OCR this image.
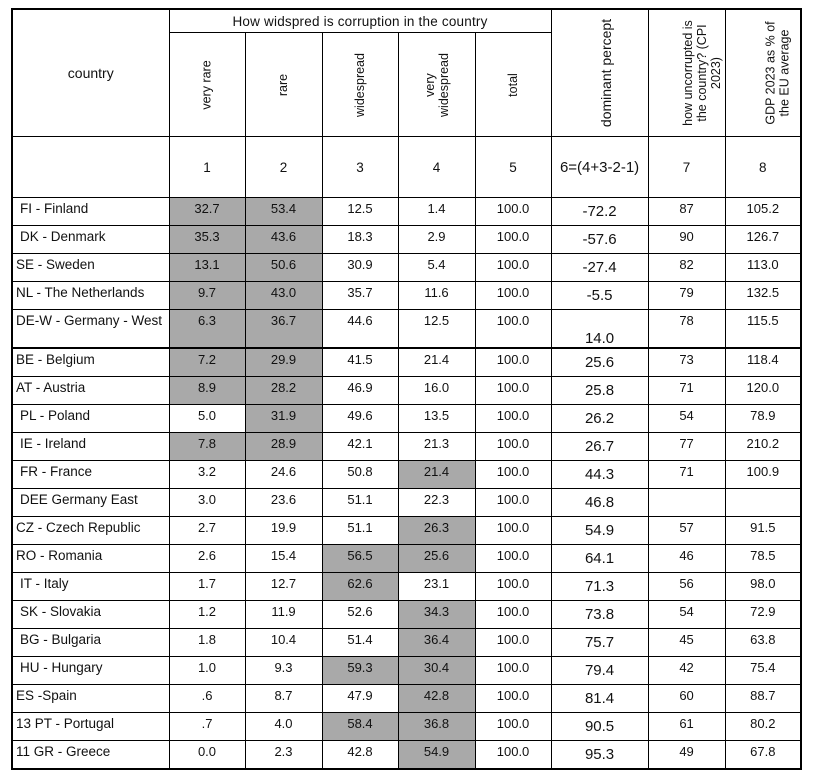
country	How widspred is corruption in the country					dominant percept	how uncorrupted is
the country? (CPI
2023)	GDP 2023 as % of
the EU average
	very rare	rare	widespread	very
widespread	total			
	1	2	3	4	5	6=(4+3-2-1)	7	8
FI - Finland	32.7	53.4	12.5	1.4	100.0	-72.2	87	105.2
DK - Denmark	35.3	43.6	18.3	2.9	100.0	-57.6	90	126.7
SE - Sweden	13.1	50.6	30.9	5.4	100.0	-27.4	82	113.0
NL - The Netherlands	9.7	43.0	35.7	11.6	100.0	-5.5	79	132.5
DE-W - Germany - West	6.3	36.7	44.6	12.5	100.0	14.0	78	115.5
BE - Belgium	7.2	29.9	41.5	21.4	100.0	25.6	73	118.4
AT - Austria	8.9	28.2	46.9	16.0	100.0	25.8	71	120.0
PL - Poland	5.0	31.9	49.6	13.5	100.0	26.2	54	78.9
IE - Ireland	7.8	28.9	42.1	21.3	100.0	26.7	77	210.2
FR - France	3.2	24.6	50.8	21.4	100.0	44.3	71	100.9
DEE Germany East	3.0	23.6	51.1	22.3	100.0	46.8		
CZ - Czech Republic	2.7	19.9	51.1	26.3	100.0	54.9	57	91.5
RO - Romania	2.6	15.4	56.5	25.6	100.0	64.1	46	78.5
IT - Italy	1.7	12.7	62.6	23.1	100.0	71.3	56	98.0
SK - Slovakia	1.2	11.9	52.6	34.3	100.0	73.8	54	72.9
BG - Bulgaria	1.8	10.4	51.4	36.4	100.0	75.7	45	63.8
HU - Hungary	1.0	9.3	59.3	30.4	100.0	79.4	42	75.4
ES -Spain	.6	8.7	47.9	42.8	100.0	81.4	60	88.7
13 PT - Portugal	.7	4.0	58.4	36.8	100.0	90.5	61	80.2
11 GR - Greece	0.0	2.3	42.8	54.9	100.0	95.3	49	67.8
